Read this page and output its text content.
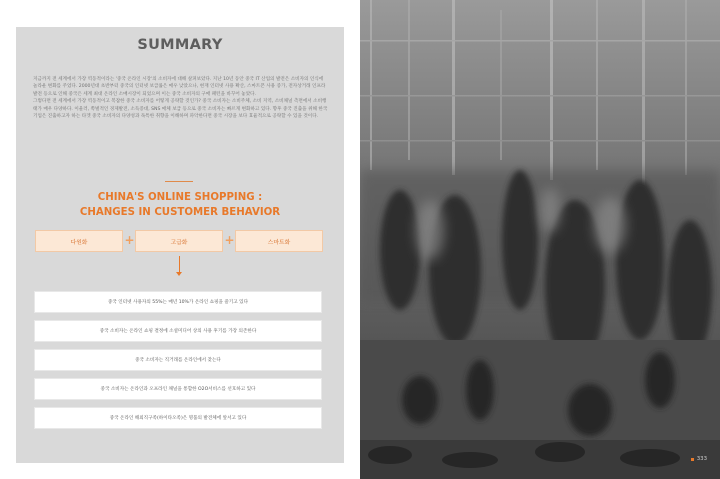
SUMMARY

지금까지 전 세계에서 가장 역동적이라는 '중국 온라인 시장'의 소비자에 대해 살펴보았다. 지난 10년 동안 중국 IT 산업의 발전은 소비자의 인식에 놀라운 변화를 주었다. 2000년대 초반부터 중국의 인터넷 보급률은 매우 낮았으나, 현재 인터넷 사용 확산, 스마트폰 사용 증가, 전자상거래 인프라 발전 등으로 인해 중국은 세계 최대 온라인 소매시장이 되었으며 이는 중국 소비자의 구매 패턴을 바꾸어 놓았다.

그렇다면 전 세계에서 가장 역동적이고 복잡한 중국 소비자를 어떻게 공략할 것인가? 중국 소비자는 소비주체, 소비 지역, 소비채널 측면에서 소비행태가 매우 다양하다. 이울러, 쪽벌적인 경제발전, 소득증대, SNS 매체 보급 등으로 중국 소비자는 빠르게 변화하고 있다. 향후 중국 진출을 위해 한국 기업은 진출하고자 하는 타겟 중국 소비자의 다양성과 독특한 취향을 이해하며 파악한다면 중국 시장을 보다 효율적으로 공략할 수 있을 것이다.

CHINA'S ONLINE SHOPPING :
CHANGES IN CUSTOMER BEHAVIOR
다원화	+	고급화	+	스마트화
중국 인터넷 사용자의 55%는 매년 10%가 온라인 쇼핑을 즐기고 있다
중국 소비자는 온라인 쇼핑 결정에 소셜미디어 상의 사용 후기를 가장 의존한다
중국 소비자는 직거래를 온라인에서 찾는다
중국 소비자는 온라인과 오프라인 채널을 통합한 O2O서비스를 선호하고 있다
중국 온라인 해외직구족(하이타오족)은 명품의 발견체에 앞서고 있다
333
